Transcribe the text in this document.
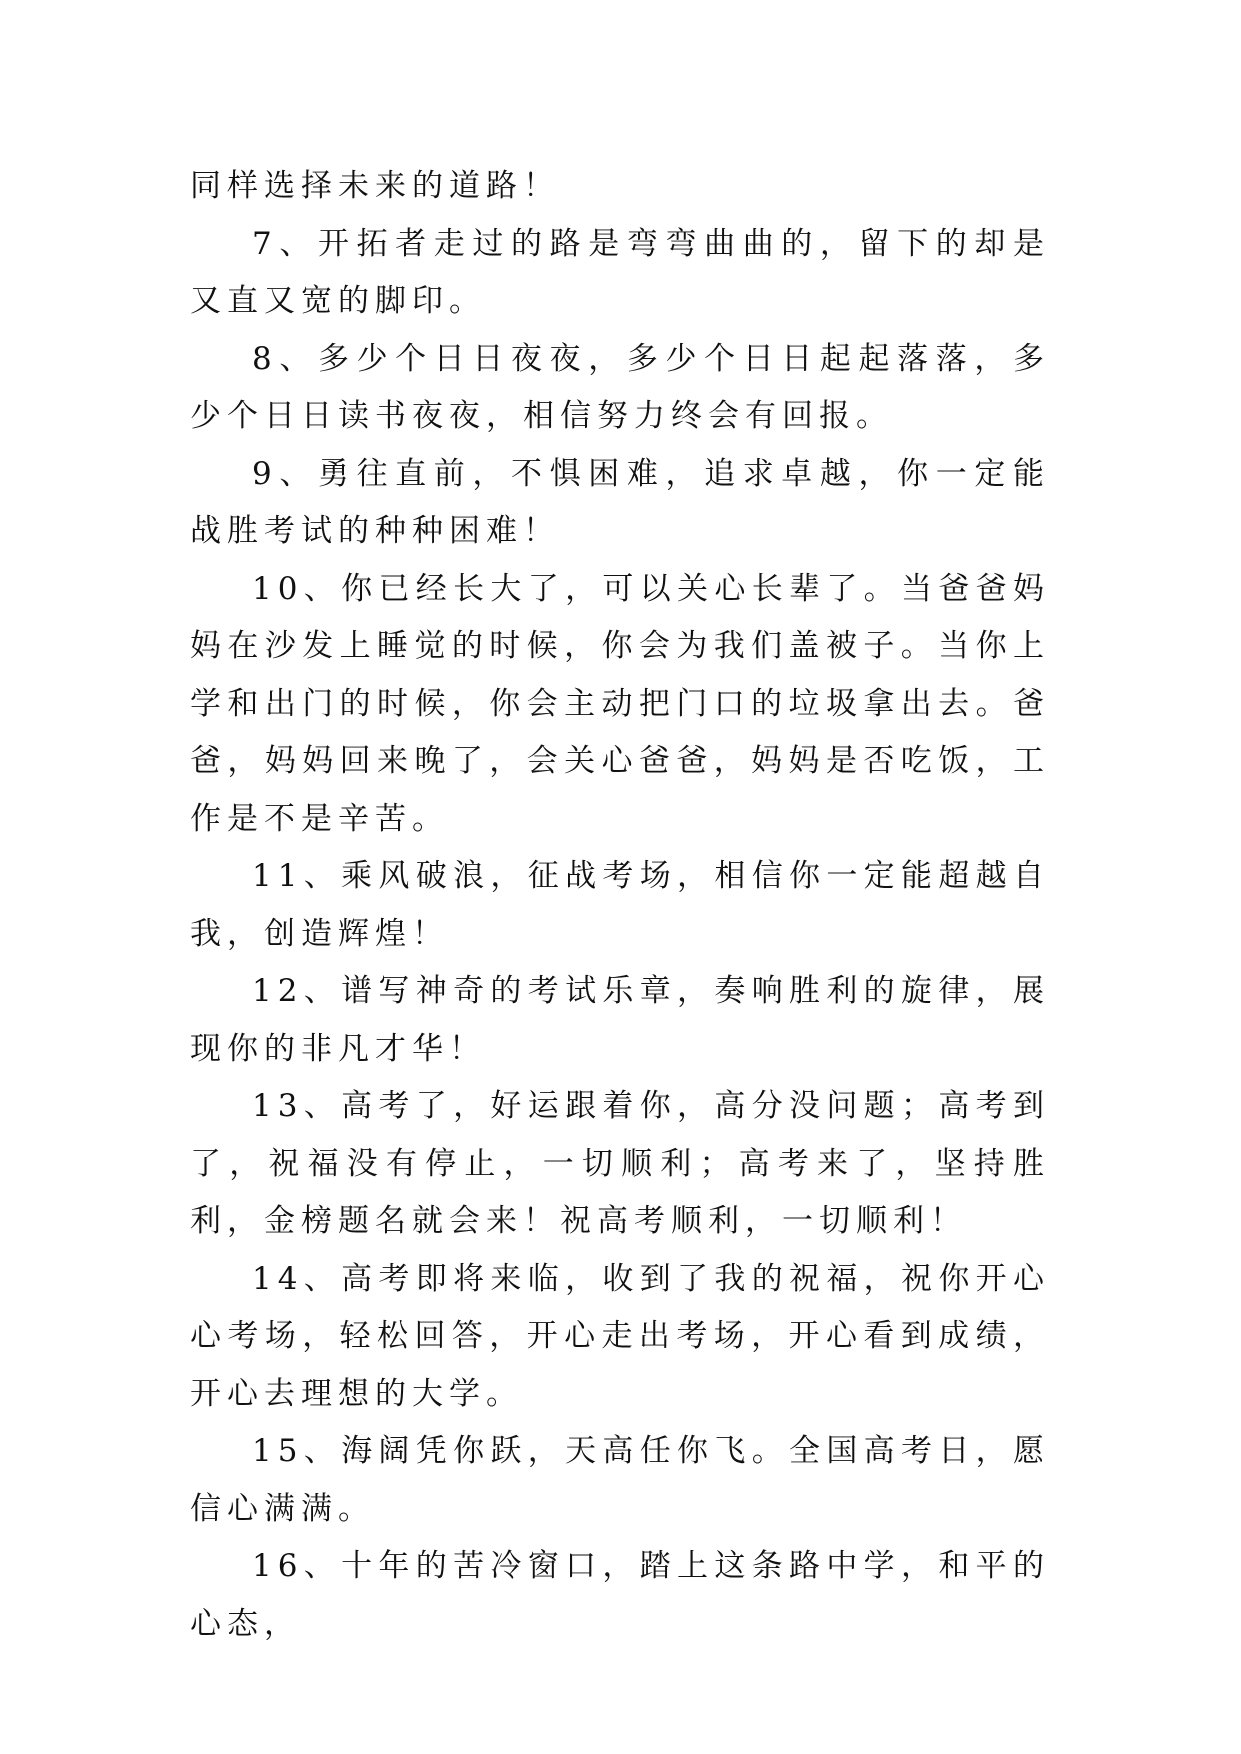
同样选择未来的道路！

7、开拓者走过的路是弯弯曲曲的，留下的却是又直又宽的脚印。

8、多少个日日夜夜，多少个日日起起落落，多少个日日读书夜夜，相信努力终会有回报。

9、勇往直前，不惧困难，追求卓越，你一定能战胜考试的种种困难！

10、你已经长大了，可以关心长辈了。当爸爸妈妈在沙发上睡觉的时候，你会为我们盖被子。当你上学和出门的时候，你会主动把门口的垃圾拿出去。爸爸，妈妈回来晚了，会关心爸爸，妈妈是否吃饭，工作是不是辛苦。

11、乘风破浪，征战考场，相信你一定能超越自我，创造辉煌！

12、谱写神奇的考试乐章，奏响胜利的旋律，展现你的非凡才华！

13、高考了，好运跟着你，高分没问题；高考到了，祝福没有停止，一切顺利；高考来了，坚持胜利，金榜题名就会来！祝高考顺利，一切顺利！

14、高考即将来临，收到了我的祝福，祝你开心心考场，轻松回答，开心走出考场，开心看到成绩，开心去理想的大学。

15、海阔凭你跃，天高任你飞。全国高考日，愿信心满满。

16、十年的苦冷窗口，踏上这条路中学，和平的心态，
